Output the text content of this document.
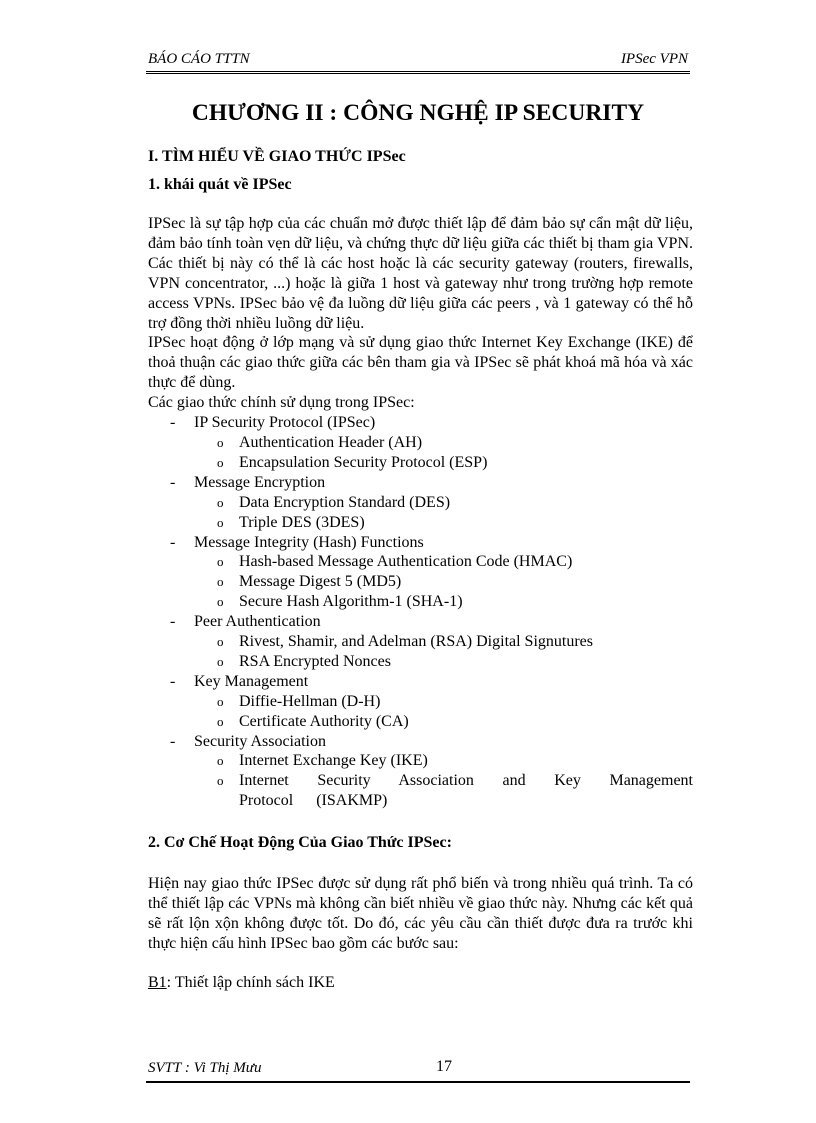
BÁO CÁO TTTN	IPSec VPN
CHƯƠNG II : CÔNG NGHỆ IP SECURITY
I. TÌM HIỂU VỀ GIAO THỨC IPSec
1. khái quát về IPSec

IPSec là sự tập hợp của các chuẩn mở được thiết lập để đảm bảo sự cẩn mật dữ liệu, đảm bảo tính toàn vẹn dữ liệu, và chứng thực dữ liệu giữa các thiết bị tham gia VPN. Các thiết bị này có thể là các host hoặc là các security gateway (routers, firewalls, VPN concentrator, ...) hoặc là giữa 1 host và gateway như trong trường hợp remote access VPNs. IPSec bảo vệ đa luồng dữ liệu giữa các peers , và 1 gateway có thể hỗ trợ đồng thời nhiều luồng dữ liệu.

IPSec hoạt động ở lớp mạng và sử dụng giao thức Internet Key Exchange (IKE) để thoả thuận các giao thức giữa các bên tham gia và IPSec sẽ phát khoá mã hóa và xác thực để dùng.

Các giao thức chính sử dụng trong IPSec:

- IP Security Protocol (IPSec)
o Authentication Header (AH)
o Encapsulation Security Protocol (ESP)
- Message Encryption
o Data Encryption Standard (DES)
o Triple DES (3DES)
- Message Integrity (Hash) Functions
o Hash-based Message Authentication Code (HMAC)
o Message Digest 5 (MD5)
o Secure Hash Algorithm-1 (SHA-1)
- Peer Authentication
o Rivest, Shamir, and Adelman (RSA) Digital Signutures
o RSA Encrypted Nonces
- Key Management
o Diffie-Hellman (D-H)
o Certificate Authority (CA)
- Security Association
o Internet Exchange Key (IKE)
o Internet Security Association and Key Management Protocol (ISAKMP)
2. Cơ Chế Hoạt Động Của Giao Thức IPSec:

Hiện nay giao thức IPSec được sử dụng rất phổ biến và trong nhiều quá trình. Ta có thể thiết lập các VPNs mà không cần biết nhiều về giao thức này. Nhưng các kết quả sẽ rất lộn xộn không được tốt. Do đó, các yêu cầu cần thiết được đưa ra trước khi thực hiện cấu hình IPSec bao gồm các bước sau:

B1: Thiết lập chính sách IKE
SVTT : Vi Thị Mưu	17
